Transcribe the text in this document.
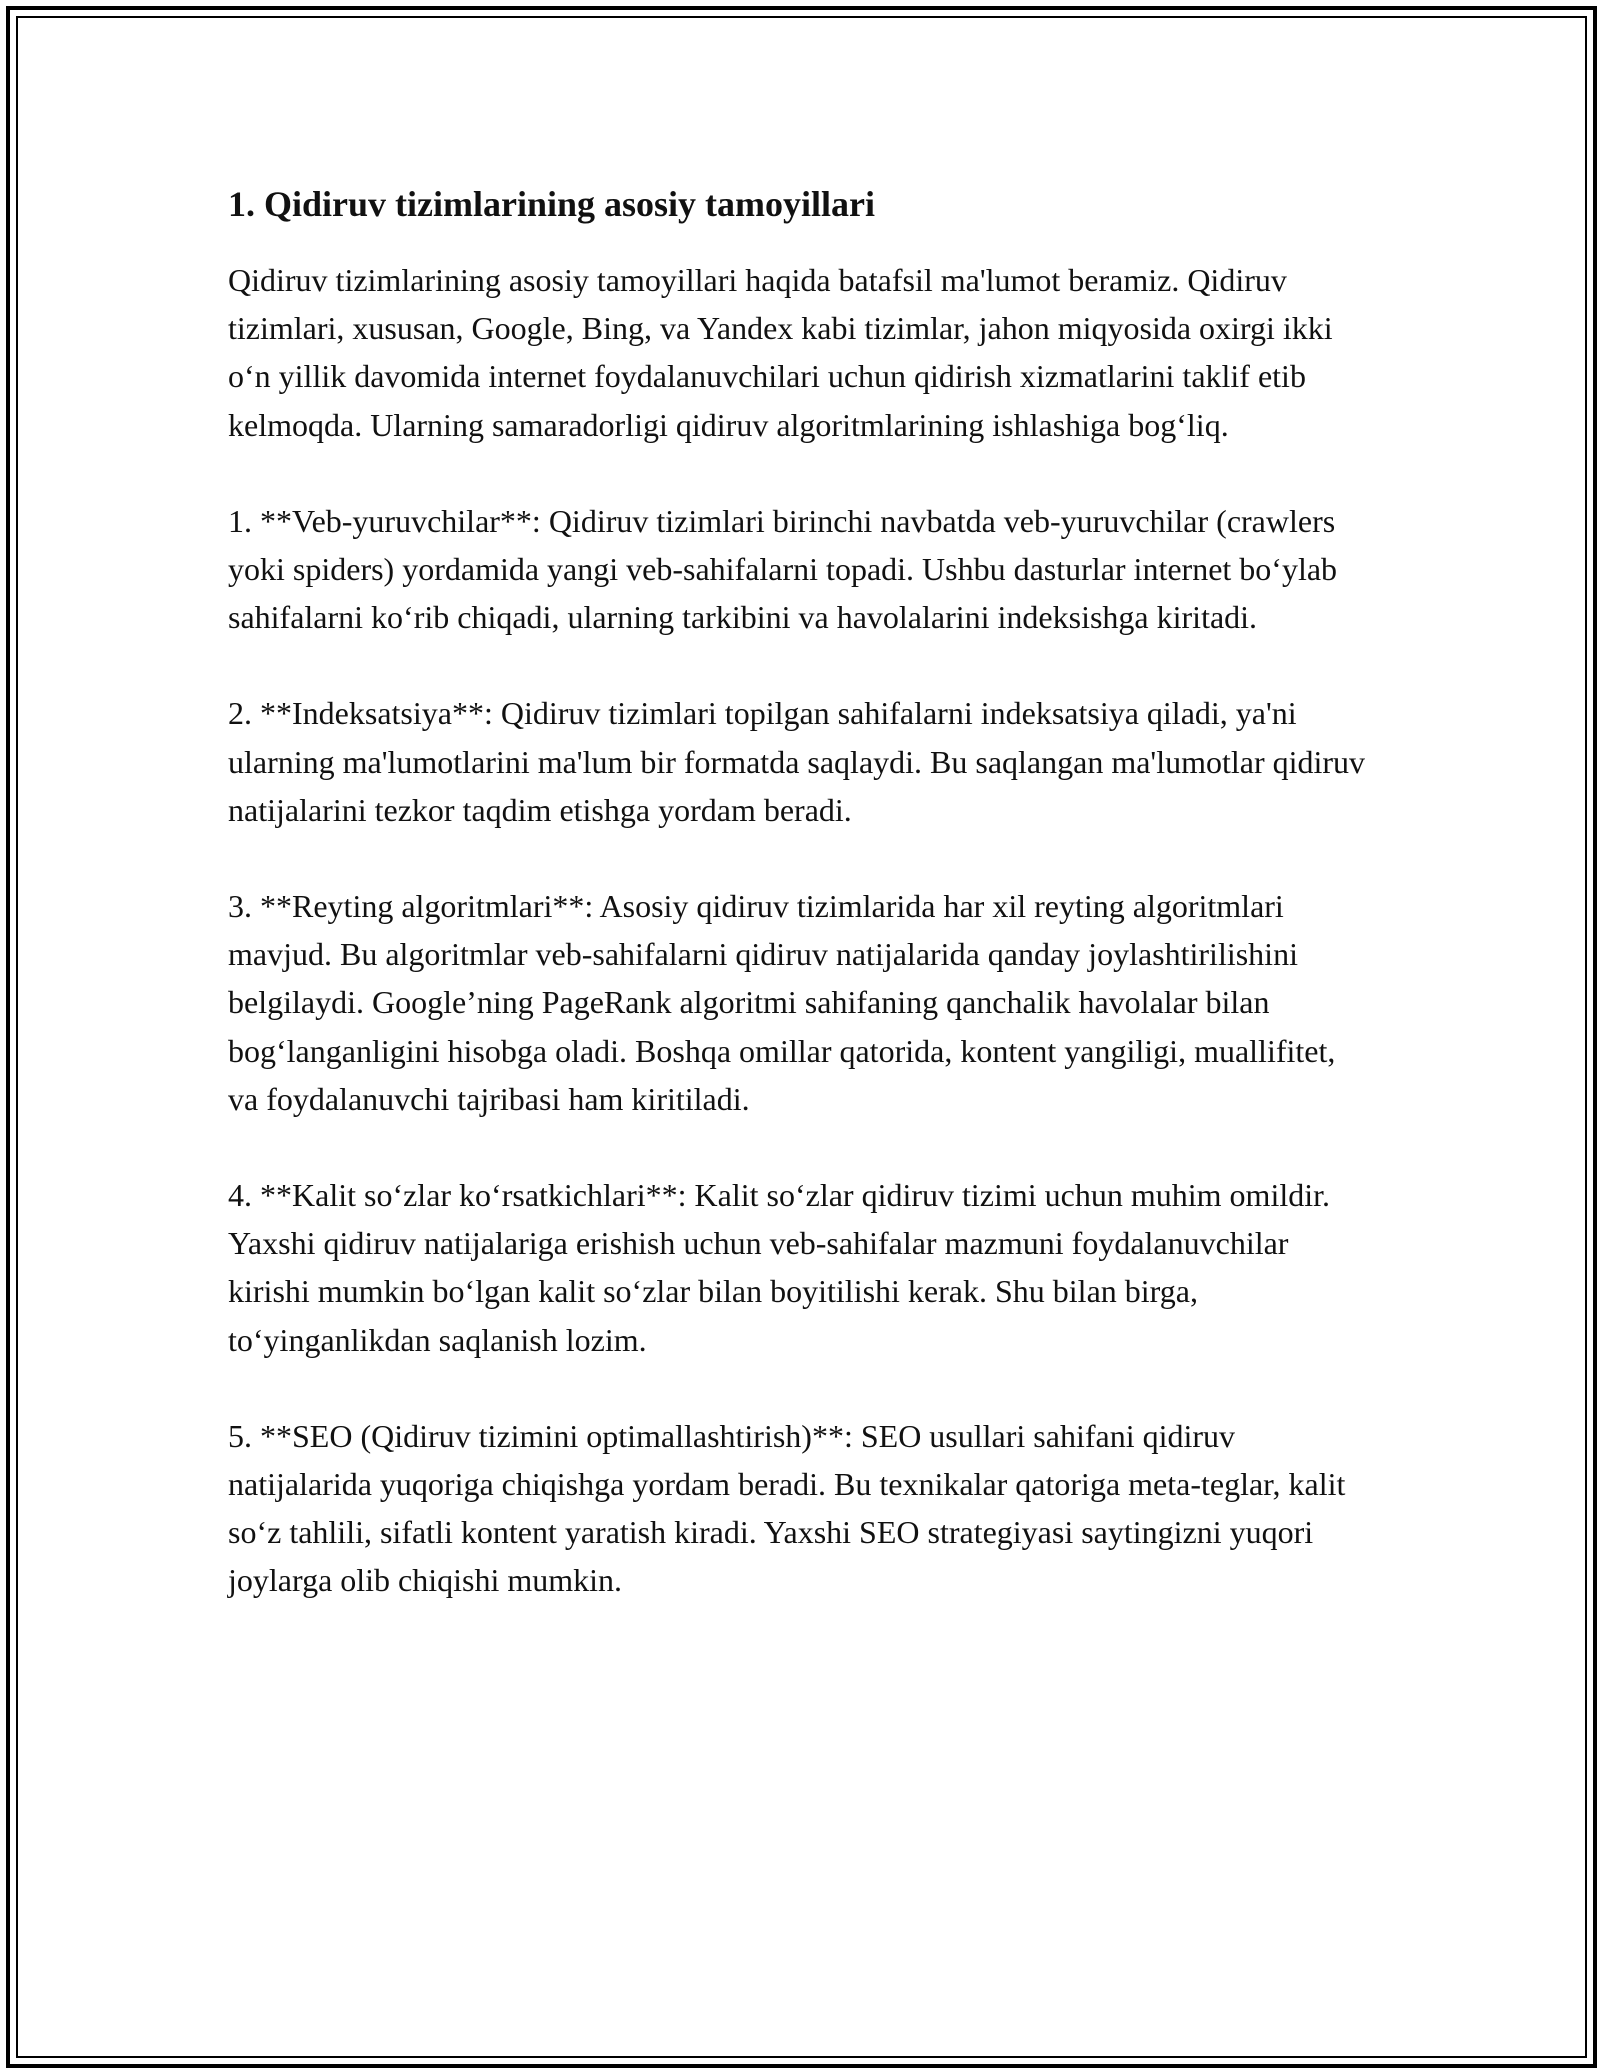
1. Qidiruv tizimlarining asosiy tamoyillari

Qidiruv tizimlarining asosiy tamoyillari haqida batafsil ma'lumot beramiz. Qidiruv tizimlari, xususan, Google, Bing, va Yandex kabi tizimlar, jahon miqyosida oxirgi ikki o‘n yillik davomida internet foydalanuvchilari uchun qidirish xizmatlarini taklif etib kelmoqda. Ularning samaradorligi qidiruv algoritmlarining ishlashiga bog‘liq.

1. **Veb-yuruvchilar**: Qidiruv tizimlari birinchi navbatda veb-yuruvchilar (crawlers yoki spiders) yordamida yangi veb-sahifalarni topadi. Ushbu dasturlar internet bo‘ylab sahifalarni ko‘rib chiqadi, ularning tarkibini va havolalarini indeksishga kiritadi.

2. **Indeksatsiya**: Qidiruv tizimlari topilgan sahifalarni indeksatsiya qiladi, ya'ni ularning ma'lumotlarini ma'lum bir formatda saqlaydi. Bu saqlangan ma'lumotlar qidiruv natijalarini tezkor taqdim etishga yordam beradi.

3. **Reyting algoritmlari**: Asosiy qidiruv tizimlarida har xil reyting algoritmlari mavjud. Bu algoritmlar veb-sahifalarni qidiruv natijalarida qanday joylashtirilishini belgilaydi. Google’ning PageRank algoritmi sahifaning qanchalik havolalar bilan bog‘langanligini hisobga oladi. Boshqa omillar qatorida, kontent yangiligi, muallifitet, va foydalanuvchi tajribasi ham kiritiladi.

4. **Kalit so‘zlar ko‘rsatkichlari**: Kalit so‘zlar qidiruv tizimi uchun muhim omildir. Yaxshi qidiruv natijalariga erishish uchun veb-sahifalar mazmuni foydalanuvchilar kirishi mumkin bo‘lgan kalit so‘zlar bilan boyitilishi kerak. Shu bilan birga, to‘yinganlikdan saqlanish lozim.

5. **SEO (Qidiruv tizimini optimallashtirish)**: SEO usullari sahifani qidiruv natijalarida yuqoriga chiqishga yordam beradi. Bu texnikalar qatoriga meta-teglar, kalit so‘z tahlili, sifatli kontent yaratish kiradi. Yaxshi SEO strategiyasi saytingizni yuqori joylarga olib chiqishi mumkin.
